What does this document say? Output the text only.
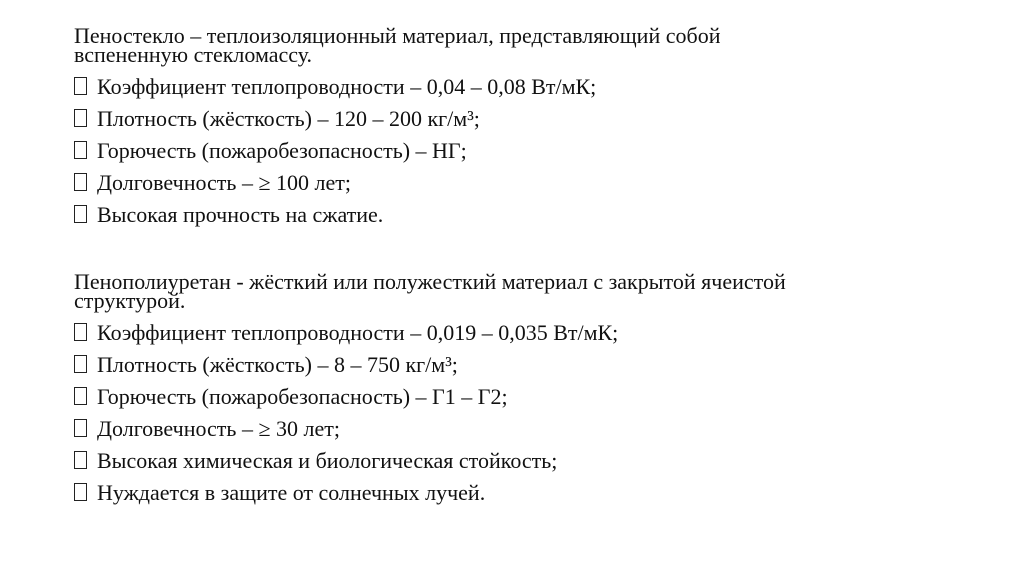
Пеностекло – теплоизоляционный материал, представляющий собой
вспененную стекломассу.
Коэффициент теплопроводности – 0,04 – 0,08 Вт/мК;
Плотность (жёсткость) – 120 – 200 кг/м³;
Горючесть (пожаробезопасность) – НГ;
Долговечность – ≥ 100 лет;
Высокая прочность на сжатие.
Пенополиуретан - жёсткий или полужесткий материал с закрытой ячеистой
структурой.
Коэффициент теплопроводности – 0,019 – 0,035 Вт/мК;
Плотность (жёсткость) – 8 – 750 кг/м³;
Горючесть (пожаробезопасность) – Г1 – Г2;
Долговечность – ≥ 30 лет;
Высокая химическая и биологическая стойкость;
Нуждается в защите от солнечных лучей.
